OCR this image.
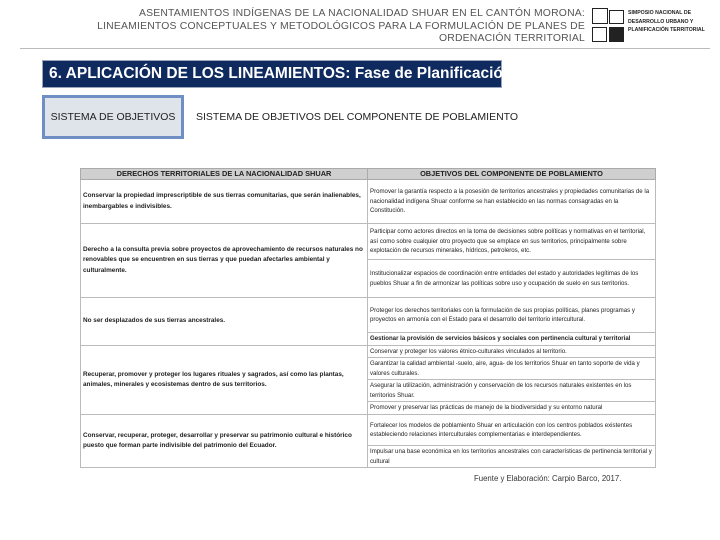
ASENTAMIENTOS INDÍGENAS DE LA NACIONALIDAD SHUAR EN EL CANTÓN MORONA:
LINEAMIENTOS CONCEPTUALES Y METODOLÓGICOS PARA LA FORMULACIÓN DE PLANES DE
ORDENACIÓN TERRITORIAL
SIMPOSIO NACIONAL DE
DESARROLLO URBANO Y
PLANIFICACIÓN TERRITORIAL
6. APLICACIÓN DE LOS LINEAMIENTOS: Fase de Planificación
SISTEMA DE OBJETIVOS	SISTEMA DE OBJETIVOS DEL COMPONENTE DE POBLAMIENTO
DERECHOS TERRITORIALES DE LA NACIONALIDAD SHUAR	OBJETIVOS DEL COMPONENTE DE POBLAMIENTO
Conservar la propiedad imprescriptible de sus tierras comunitarias, que serán inalienables, inembargables e indivisibles.	Promover la garantía respecto a la posesión de territorios ancestrales y propiedades comunitarias de la nacionalidad indígena Shuar conforme se han establecido en las normas consagradas en la Constitución.
Derecho a la consulta previa sobre proyectos de aprovechamiento de recursos naturales no renovables que se encuentren en sus tierras y que puedan afectarles ambiental y culturalmente.	Participar como actores directos en la toma de decisiones sobre políticas y normativas en el territorial, así como sobre cualquier otro proyecto que se emplace en sus territorios, principalmente sobre explotación de recursos minerales, hídricos, petroleros, etc.
	Institucionalizar espacios de coordinación entre entidades del estado y autoridades legítimas de los pueblos Shuar a fin de armonizar las políticas sobre uso y ocupación de suelo en sus territorios.
No ser desplazados de sus tierras ancestrales.	Proteger los derechos territoriales con la formulación de sus propias políticas, planes programas y proyectos en armonía con el Estado para el desarrollo del territorio intercultural.
	Gestionar la provisión de servicios básicos y sociales con pertinencia cultural y territorial
Recuperar, promover y proteger los lugares rituales y sagrados, así como las plantas, animales, minerales y ecosistemas dentro de sus territorios.	Conservar y proteger los valores étnico-culturales vinculados al territorio.
	Garantizar la calidad ambiental -suelo, aire, agua- de los territorios Shuar en tanto soporte de vida y valores culturales.
	Asegurar la utilización, administración y conservación de los recursos naturales existentes en los territorios Shuar.
	Promover y preservar las prácticas de manejo de la biodiversidad y su entorno natural
Conservar, recuperar, proteger, desarrollar y preservar su patrimonio cultural e histórico puesto que forman parte indivisible del patrimonio del Ecuador.	Fortalecer los modelos de poblamiento Shuar en articulación con los centros poblados existentes estableciendo relaciones interculturales complementarias e interdependientes.
	Impulsar una base económica en los territorios ancestrales con características de pertinencia territorial y cultural
Fuente y Elaboración: Carpio Barco, 2017.
